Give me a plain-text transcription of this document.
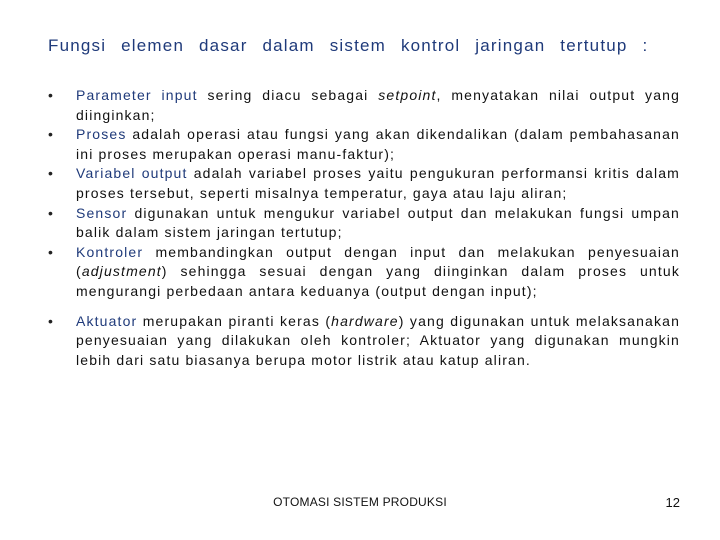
Fungsi elemen dasar dalam sistem kontrol jaringan tertutup :
•	Parameter input sering diacu sebagai setpoint, menyatakan nilai output yang diinginkan;
•	Proses adalah operasi atau fungsi yang akan dikendalikan (dalam pembahasanan ini proses merupakan operasi manu-faktur);
•	Variabel output adalah variabel proses yaitu pengukuran performansi kritis dalam proses tersebut, seperti misalnya temperatur, gaya atau laju aliran;
•	Sensor digunakan untuk mengukur variabel output dan melakukan fungsi umpan balik dalam sistem jaringan tertutup;
•	Kontroler membandingkan output dengan input dan melakukan penyesuaian (adjustment) sehingga sesuai dengan yang diinginkan dalam proses untuk mengurangi perbedaan antara keduanya (output dengan input);
•	Aktuator merupakan piranti keras (hardware) yang digunakan untuk melaksanakan penyesuaian yang dilakukan oleh kontroler; Aktuator yang digunakan mungkin lebih dari satu biasanya berupa motor listrik atau katup aliran.
OTOMASI SISTEM PRODUKSI	12
